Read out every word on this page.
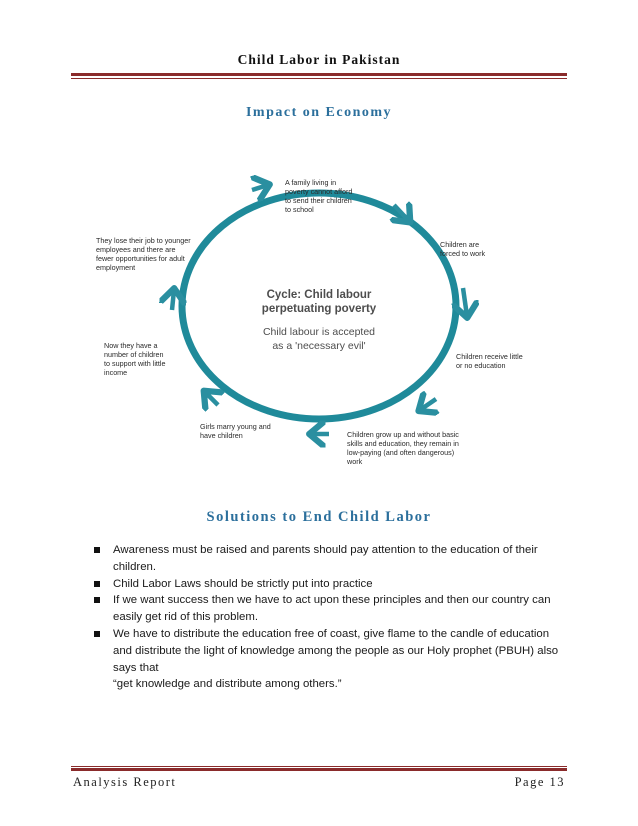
Child Labor in Pakistan
Impact on Economy
Cycle: Child labour
perpetuating poverty
Child labour is accepted
as a 'necessary evil'
A family living in
poverty cannot afford
to send their children
to school
Children are
forced to work
Children receive little
or no education
Children grow up and without basic
skills and education, they remain in
low-paying (and often dangerous)
work
Girls marry young and
have children
Now they have a
number of children
to support with little
income
They lose their job to younger
employees and there are
fewer opportunities for adult
employment
Solutions to End Child Labor
Awareness must be raised and parents should pay attention to the education of their
children.
Child Labor Laws should be strictly put into practice
If we want success then we have to act upon these principles and then our country can
easily get rid of this problem.
We have to distribute the education free of coast, give flame to the candle of education
and distribute the light of knowledge among the people as our Holy prophet (PBUH) also
says that
“get knowledge and distribute among others.”
Analysis Report	Page 13
